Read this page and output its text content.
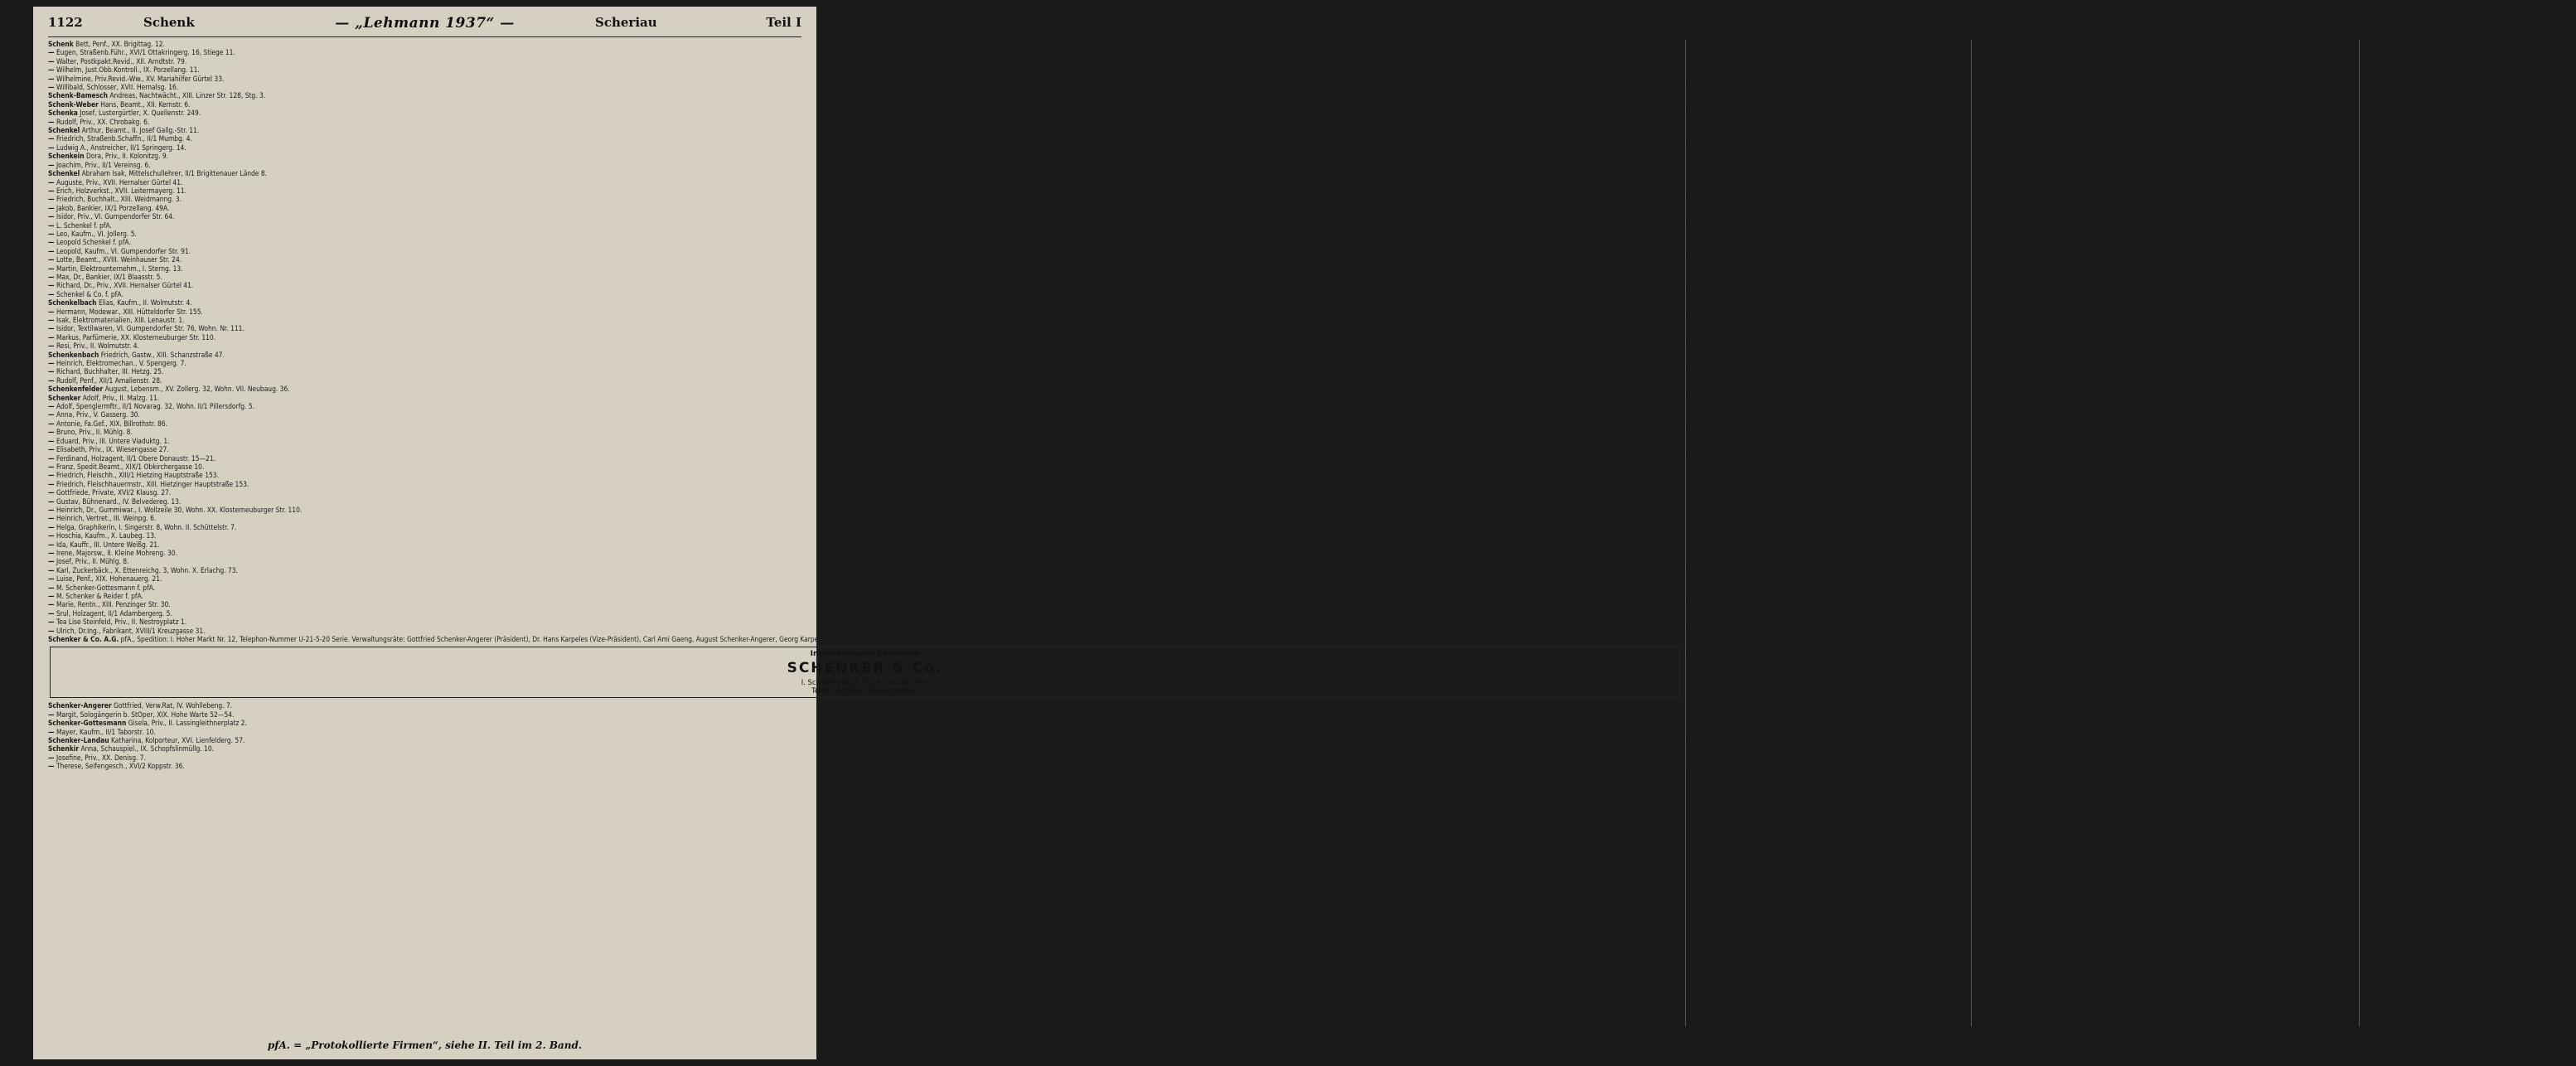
1122	Schenk	— „Lehmann 1937“ —	Scheriau	Teil I
Schenk Bett, Penf., XX. Brigittag. 12.
— Eugen, Straßenb.Führ., XVI/1 Ottakringerg. 16, Stiege 11.
— Walter, Postkpakt.Revid., XII. Arndtstr. 79.
— Wilhelm, Just.Obb.Kontroll., IX. Porzellang. 11.
— Wilhelmine, Priv.Revid.-Ww., XV. Mariahilfer Gürtel 33.
— Willibald, Schlosser, XVII. Hernalsg. 16.
Schenk-Bamesch Andreas, Nachtwächt., XIII. Linzer Str. 128, Stg. 3.
Schenk-Weber Hans, Beamt., XII. Kernstr. 6.
Schenka Josef, Lustergürtler, X. Quellenstr. 249.
— Rudolf, Priv., XX. Chrobakg. 6.
Schenkel Arthur, Beamt., II. Josef Gallg.-Str. 11.
— Friedrich, Straßenb.Schaffn., II/1 Mumbg. 4.
— Ludwig A., Anstreicher, II/1 Springerg. 14.
Schenkein Dora, Priv., II. Kolonitzg. 9.
— Joachim, Priv., II/1 Vereinsg. 6.
Schenkel Abraham Isak, Mittelschullehrer, II/1 Brigittenauer Lände 8.
— Auguste, Priv., XVII. Hernalser Gürtel 41.
— Erich, Holzverkst., XVII. Leitermayerg. 11.
— Friedrich, Buchhalt., XIII. Weidmanng. 3.
— Jakob, Bankier, IX/1 Porzellang. 49A.
— Isidor, Priv., VI. Gumpendorfer Str. 64.
— L. Schenkel f. pfA.
— Leo, Kaufm., VI. Jollerg. 5.
— Leopold Schenkel f. pfA.
— Leopold, Kaufm., VI. Gumpendorfer Str. 91.
— Lotte, Beamt., XVIII. Weinhauser Str. 24.
— Martin, Elektrounternehm., I. Sterng. 13.
— Max, Dr., Bankier, IX/1 Blaasstr. 5.
— Richard, Dr., Priv., XVII. Hernalser Gürtel 41.
— Schenkel & Co. f. pfA.
Schenkelbach Elias, Kaufm., II. Wolmutstr. 4.
— Hermann, Modewar., XIII. Hütteldorfer Str. 155.
— Isak, Elektromaterialien, XIII. Lenaustr. 1.
— Isidor, Textilwaren, VI. Gumpendorfer Str. 76, Wohn. Nr. 111.
— Markus, Parfümerie, XX. Klosterneuburger Str. 110.
— Resi, Priv., II. Wolmutstr. 4.
Schenkenbach Friedrich, Gastw., XIII. Schanzstraße 47.
— Heinrich, Elektromechan., V. Spengerg. 7.
— Richard, Buchhalter, III. Hetzg. 25.
— Rudolf, Penf., XII/1 Amalienstr. 28.
Schenkenfelder August, Lebensm., XV. Zollerg. 32, Wohn. VII. Neubaug. 36.
Schenker Adolf, Priv., II. Malzg. 11.
— Adolf, Spenglermftr., II/1 Novarag. 32, Wohn. II/1 Pillersdorfg. 5.
— Anna, Priv., V. Gasserg. 30.
— Antonie, Fa.Gef., XIX. Billrothstr. 86.
— Bruno, Priv., II. Mühlg. 8.
— Eduard, Priv., III. Untere Viaduktg. 1.
— Elisabeth, Priv., IX. Wiesengasse 27.
— Ferdinand, Holzagent, II/1 Obere Donaustr. 15—21.
— Franz, Spedit.Beamt., XIX/1 Obkirchergasse 10.
— Friedrich, Fleischh., XIII/1 Hietzing Hauptstraße 153.
— Friedrich, Fleischhauermstr., XIII. Hietzinger Hauptstraße 153.
— Gottfriede, Private, XVI/2 Klausg. 27.
— Gustav, Bühnenard., IV. Belvedereg. 13.
— Heinrich, Dr., Gummiwar., I. Wollzeile 30, Wohn. XX. Klosterneuburger Str. 110.
— Heinrich, Vertret., III. Weinpg. 6.
— Helga, Graphikerin, I. Singerstr. 8, Wohn. II. Schüttelstr. 7.
— Hoschia, Kaufm., X. Laubeg. 13.
— Ida, Kauffr., III. Untere Weißg. 21.
— Irene, Majorsw., II. Kleine Mohreng. 30.
— Josef, Priv., II. Mühlg. 8.
— Karl, Zuckerbäck., X. Ettenreichg. 3, Wohn. X. Erlachg. 73.
— Luise, Penf., XIX. Hohenauerg. 21.
— M. Schenker-Gottesmann f. pfA.
— M. Schenker & Reider f. pfA.
— Marie, Rentn., XIII. Penzinger Str. 30.
— Srul, Holzagent, II/1 Adambergerg. 5.
— Tea Lise Steinfeld, Priv., II. Nestroyplatz 1.
— Ulrich, Dr.Ing., Fabrikant, XVIII/1 Kreuzgasse 31.
Schenker & Co. A.G. pfA., Spedition: I. Hoher Markt Nr. 12, Telephon-Nummer U-21-5-20 Serie. Verwaltungsräte: Gottfried Schenker-Angerer (Präsident), Dr. Hans Karpeles (Vize-Präsident), Carl Ami Gaeng, August Schenker-Angerer, Georg Karpeles-Schenker, Josef Karpeles, Carl Schaly, Kommerzialrat Jakob Spielmann, Anton Weber. Direktoren: Franz Lackner, Leopold Pamberger. Prokuristen: Josef Chiltil, Friedrich Hunek, Moritz Korner, Heinrich Kreidl, Emil Meinert, Max Puggel, Hermann Saftr, Emil Tutsch, Felix Wawra.
Internationales Reisebüro
SCHENKER & Co.
I. Schottenring 9. Tel. R-50-510 Serie
Telegr.-Adresse: Reiseschenker
Schenker-Angerer Gottfried, Verw.Rat, IV. Wohllebeng. 7.
— Margit, Sologängerin b. StOper, XIX. Hohe Warte 52—54.
Schenker-Gottesmann Gisela, Priv., II. Lassingleithnerplatz 2.
— Mayer, Kaufm., II/1 Taborstr. 10.
Schenker-Landau Katharina, Kolporteur, XVI. Lienfelderg. 57.
Schenkir Anna, Schauspiel., IX. Schopfslinmüllg. 10.
— Josefine, Priv., XX. Denisg. 7.
— Therese, Seifengesch., XVI/2 Koppstr. 36.
Schenkreit Eduard, Ob.Maschinist, XVI/1 Huttereg. 45.
Schenkschitz Johanna, Priv., XIX. Heiligenstädter Str. 46.
Schenkschitz Marie, Handarb., XIV. Ob. Amtsmannsg. 37.
Schenkscz Eduard, Trafikant, XIII. Hütteldorfer Straße 158, Stg. 20.
— Franz, Hafner, X. Raxstr. 25.
— Johann, Beamt., VII. Neustiftg. 50.
— Josef, Gummimfr., XVIII. Gußg. 24.
Schentl Annie, Priv., XVI/1 Fröbelg. 3.
— Anton, Ob.Schulwart i.R., XII/1 Steinbauergasse 36, Stiege 1.
— Emilie, Sandarb., X. Buchengasse 67 C.
— Josef, Priv., IV. Pommeng. 4.
— Marie, Pronograv.Erz., XXI. Riedhartsg. 10.
— Oskar, Tierarzt, XVIII. Ferrog. 24.
— Piro, Priv., I. Operring 3.
Schentler Alois, Pol.Wachebeamt., X. Keplerplatz 8.
Schenn Simon, Tischler, X. Jagdg. 10.
Schenner Adelheid, Parfüm., XII/1 Reschg. 8.
— Anton, XII. Elisabethallee 10.
— Emilie, zahnärztl. Assist., XV. Wurmserg. 45.
— Eugenie, Bodschuhmachr., XII. Rollingerg. 24.
— Franz, Trafik, Lehrer, XVIII. Sper. Platz 2.
— Hans, wirkl. Amtsrat, V. Kaspar g. 2.
— Karl, Friseur, XXI. Stadtrandsiedlg. Aspern i. Hausfeld 147.
— Karl, Wohn-Inst. i. R., XII. Linzer Str. 248.
— Konrad, Hotelangest., XIV. Rauchfangkehrergasse 28.
— Marie, Prof., at. Musikpädagoge, III. Marxerg. 34.
— Stefanie, Priv., XII. Elisabethallee 10.
Schennerer Johann, Beamt., XVI. Gulmg. 13A.
Schenold Franz, Bauoolier, XV. Rosinag. 9.
— Karoline, Priv., XV. Arnsteing. 18.
Schentag Raimund, Mechanik., X. Bürgerg. 22.
Schentner Ferdinand, Werkmstr., XVIII. Cottageg. 13.
— Franz, Bäcker, III. Thereg. 3—5, Stg. 2.
— Friedrich, Priv., XXI/1 Theresieng. 28.
Schenz Franz, Beamt., X. Hardtmuthg. 91.
— Johann, Kraftw.Führ., XII. Dietrichg. 3.
Schenz Cäcilia, Priv., XII. Steinackerg. 19.
— Friedrich, Fleischhau., XIII. Josefstädter Straße 101.
— Franz, Installat., II. Engerthstr. 209.
— Franz, Schildermal., III. Erdbergstr. 13.
— Isabella, Kgl.Adjkt., XVIII. Schumanng. 6.
— Rudolf, Bank, XXI. Prager Str. 59.
— Rupert, Penf., XIII. Arnsbergg. 33.
— Rupert, Schildermalermftr., III. Juchg. 26.
Schenze Franz, Tapezierergew., XIX. Kreindlgasse 25.
— M. J. Schenzel & Co. f. pfA.
— Marie J., Fa.Gef., XIX. Nußdorfer Str. 64.
Schepelitin David, Schuhmmstr., XVIII/1 Kutscherg. 4.
— Ernestine, Dr. Priv., XVIII. Hofftattg. 14.
— Siegfried, Juwelier, XVIII/1 Edelhofg. 6.
Schepka Paul, Maurer, XIII/1 Linneg. 8.
Scheppach Kunibert, MDr., Arzt, XV. Preysinggasse 40.
Schepsen Cölestin, Penf., XVII. Veronikag. 50.
— Therese, Priv., XVI. Neulerchenfeld Str. 42.
— Wilhelm, Penf., XIII. Campswandnerg. 265.
Scheppelmann Hans, Beamt., XV. Schelleingasse 31.
Schepper Maximilian, Kellereiangest., I. Georg Coch-Platz 3, Wohn. VIII. Pfeilg. 8.
Scheppl Heinrich, Musikschulinhab., XXV. Scheiblg. 14.
Scheps Emil, Kaufm., IX. Währinger Str. 16.
Scher Anna, Beamt., XII. Steinbauerg. 1—7.
— B. Scher, Uhrmacher f. pfA.
— Berta, Private, II. Czerleg. 14.
— Ernst, Uhrmach., V. Margaretengürtel 144.
— Fabian, Ing.Archit., VII. Kandlg. 32.
— Hans, Bauführer, XVI. Hubergasse 18.
— Josef, Fa.Inh., IV. Gr. Neug. 6.
— Josef, Altwr., I. Seilerstätte 3.
— Josef, Kaufm., XV. Mariahilfer Str. 153.
— Leo, Bankbeamt., XVIII. Währinger Str. Nr. 157—159.
— Leopoldine, Private, II/1 Schönbrunnerg. 6.
— Marie, Beamt., IX. Müllnerg. 10.
— Markus, Schneidermftr., IX/1 Glasblasg. 1.
— Moritz, Juwelier, V. Margaretenstr. 71.
— Paul Scher & Co. f. pfA.
— Paul, Fa.Inh., XX. Karl Meißl-Str. 2.
Scheragy Franziska, Penf., XVII. Martinstr. 33.
Scheral Josef, Postangest., XI. Neue Simmeringer Haide, Schrebergartner, Gruppe 1, 42.
— Leopold, Hilfsarbeiter, XI. Kaiserebersdorf, Mühlsangergasse 5.
Scheran Franz, Magazineur, XII. Hohenbergstraße 67.
Scherarcz Franz, Bahnbeamt., XXI/2 Leopoldauer Str. 5.
— Heinrich, Architekt u. Baumeister, X. Ferdinandg. 80.
— Heinrich, Baumftr., III. Wällischg. 8.
— Netti, Spielw., III. Erdbergstr. 156.
Scherb Erhard, XIII. Laurentiusg. 6.
— Eduard, Bankbeamt., XXI. Werndlg. 15.
Scherb Franz, Friseurmftr., VI. Laimgrubengasse 9.
— Heinrich, Ing., Betriebsleit., XVIII/2 Salmannsdorfer Str. 11.
— Georg, Ing., XVIII/1 Hofftattg. 2.
— Josef, Priv., V. Dampfg. 35—37, Stg. 1.
— Johann, Hilfsämter-Ob.Dir. i. R., XVIII/1 Ressng. 33.
— Johann, Krim.Beamt., XIX. Greinerg. 48.
— Julius, Photograph, VI. Gumpendorfer Straße 26, Wohn. VI. Brückeng. 4.
— Margarethe, Mitgl. b. Burgtheat., XVIII. Lazaristeng. 2.
— Rudolf, Priv.Beamt., XV. Wallensteinstr. 38.
Scherbaum Hilde, Priv., VIII. Lange G. 4.
— Rudolf, Reisenmst., VIII. Auerspergstr. 11, Wohn. VIII. Lange G. 4.
— Wilhelm, Beamt., VIII. Lange G. 4.
Scherban Franko, Holzverkst., V. Margaretenstr. 110.
— Michael, Gußmftr., XI. Geiselbergstr. 12.
Scherbantie Franz, Ob.Wachm., XVII. Wichtelplatz 8.
— Leopoldine, Lebensm., XVII. Wichtelg. 68.
— Matthias, Tischler, XII. Am Fuchsenfeld 3.
Scherbauer Johann, Buchbrud., IX. Arnethgasse 19.
— Otto, Beamt., IV. Wimbergerg. 13.
Scherbaum Adolf, Tischler, IX. Khunng. 15.
— Albert, Fabrikant, XIV. Goldschlagstr. 39.
— Anna, Priv., XIII. Hütteldorfer Str. 179.
— Anton, Bertret., VI. Liniengasse 46.
— Ernst, Schmied, IX. Lechenfeldstraße 22.
— Ferdinand, Priv.Beamt., XII. Hohlwegg. 9.
— Fermann, Zuckerbäckereib., XIII. Linzer Str. 128.
— Hubert, Arbeiter, XII. Fnulag. 8.
— Johann, Gärtner, XIII. Breitenfurter Str. 109.
— Johanna, Priv., I. Fleischmarkt 6.
— Josef, Kaffier, XI. Spitzelbreiterg. 46.
— Josef, Kaffier, XII/1 Ruffdorfer Str. 5.
— Josef, Ofenbldg., XIV. Hern. Hauptstr. 75.
— Josef, Wohn. VIII. Kochlanger Str. 20.
— Josef, Wohn. VIII. Roter Turmg. 4.
— Karl, Kraftwagenlenk., XIX/1 Döblinger Gürtel 21—23.
— Karl, Elektriker, I. Dorotheerg. 6.
— Karl, Rechn.Sekr., XV. Kreuzling. 38.
— Karoline, Konditorei, V. Schönbrunner Straße 24, Wohn. III. Hohlwegg. 9.
— Marie, Priv., X. Wielandgasse 10.
— Walter, Wohnungsbesitzer, II/1 Nordseeg. 7.
Scherbede Josef, Bäcker, VI. Gumpendorfer Straße 150.
Scherbel Marie, Private, V. Dampfg. 23.
— Rudolf, Priv., VI. Joanelligasse 8.
Scherber Anna, Priv., XVIII. Genzg. 3.
— Anna, Priv., IV. Mayerhofg. 14.
— Ferdinand, Priv., IV. Mayerhofg. 14.
— Gustav, Priv., VII. Burggasse 5.
— Gustav, MDr., Prof., Hofrat, Primararzt, Fachariz f. Haut- u. Geschlechtskrankheiten, VII. Mariahilfer Str. 32, T. B-35-2-39.
— Johann, Stallmstr., II. Engerthstr. 189.
— Josef, Priv., VII. Burgg. 32, Stg. 1.
— Josef, Fa., II. Pilot.Rec.Dir., Stg. 5.
— Karl, Beamt., II/1 Klimschg. 16—18, Stg. 1.
— Leopold, Chordir., II. Josefsting. 12.
— Lilly, Priv., XVII. Larwasg. 3.
— Marie, Priv., XII. Maroltanerg. 9.
— Marie, Priv., VIII. Laudong. 9.
— Paul, Verst., XII. Schwarzwiefenstr. 21.
Scherbichler Adolf A., Photograph, II/1 Sebastian Kneipp-G. 5.
— Friedrich, Hauschn., XIII/1 Schrutkag. 13.
Scherbod Johann, Steinschleif., II. Radetzkystraße 5.
Scherbs Josef, Penf., XVIII/1 Theresieng. 59.
Scherboy Eduard, Musikler, XV. Richard Wagner-Platz 19.
Scherbe Franz, Beamt., XIV. Tokaj g. 5.
Scherenzl Anton, städt. Angest., IX/1 Bleichergasse 19.
Scherer Adolf, Ob.Revid., X. Laxenburger Straße 169.
— Alois, Hofrat b. Fin.LDir., III. Barmherzigeng. 13.
— Alois, Priv.Beamt., VIII. Lederg. 18.
— Amalie, Geschäftsführ., VI. Gumpendorfer Straße 41.
— Anna, Obst, IV. Rahmarkt Gr. 33, Std. 568, Wohn. IV/1 Margaretenstr. 83.
— Anna, Priv., II. Taborstr. 45.
— Anna, Priv., XVIII/1 Gyrowegg. 3.
— Anna, Private, II. Erzh. Karl-Platz 24.
— Anna, Priv., VI. Joanellig. 5.
— Berta, Fleischh., IX. Im Werd, Std. 171A.
— Berta, Priv., II. Vollandstr. 7.
— Eduard, Dr.Ing., XVII. Jörgerstr. 26.
— Emil, Schloffer, XIII/1 Schanzstr. 19.
— Emil, Sekret. städt. Berw.Ob.Amtsr., XIX/1 Gatterburgg. 1.
— Erwin, Kaufm., IX. Schlagerg. 2.
— Eugenie, Rechn.Ratww., III. Hainburger Straße 29.
— Eugenie, Ww., XIII. Baumgartenstr. 85.
— Eva, Emailleurin, XIX. Agnesg. 7.
— Franz, Buchh., II/1 Hollandstr. 7.
— Franz, Priv., II/1 Hollandstr. 7.
— Franz, Bes., VIII. Pfeilg. 23.
— Franz, Priv., IV. Wimbergerg. 43.
— Friedrich, Dr., Kaufm., XIX. Cottageg. 56.
— Friedrich, Kinoangest., III. Fasang. 34.
— Friedrich, Sekretär, XVIII/1 Genzg. 1.
— Friedrich, Rechn.Rat, XVIII/1 Währinger Straße 173.
— Fritz, Priv., XIX/1 Zehenthofg. 8.
— Gisela, städt. Lehrer., XVIII. Genzg. 38.
— Gisela, Beamt., XIX. Sommerg. 2.
— Günther, Priv., I. Singerstr. 27.
Scherer Heinrich, Kraftw.Führ., X. Laxenburger Straße 95.
— Heinrich, Kaufm., IV. Margaretenstr. 38.
— Jakob, Penf., IX/2 Lustkandlg. 17.
— Johann, Autotaxibes., VI. Sonnenuhrg. 2.
— Johann, Graveurwaren, XIII. Galsg. 49.
— Johann, Hufschmied, II. Reilg. 10.
— Johann, Postbeamt., II/1 Böschstr. 17.
— Johann, Schiffskapitän, II. Vorgartenstr. 193.
— Johann, Schloffer, XII/1 Schallerg. 27.
— Johann, Tischler, XII/1 Hofbauerg. 160.
— Josef, Lokführ., IX. Willy von Engerstr. 25.
— Josefine, Postbeamt., III. Prager Str. 90.
— Josefine, Priv., XXI. Albrechtskreithg. 12.
— Karl, Kaufm., IX. Wiefeng. 11.
— Karl, BBahn.Beamt., XVIII. Genzg. 32.
— Karl, Fachlehrer, XII. Belghoferg. 30.
— Karl, Penf., II/1 Handelskai 268.
— Karl, Priv., VI. Siebensterng. 46.
— Karl, Lorenz, IX/2 Lustkandlg. 30.
— Karoline, Penf., XXI. Stillfriedplatz 5.
— Karoline, Priv., II. Cragiftr. 7.
— L. Scherer f. pfA.
— Leo, Autofahrlehr., III. Salmg. 16.
— Leopold, Gerüster, XVI. Pfenniggelbg. 4.
— Leopold, Landwirt, XVI. Thaliastr. 36.
— Leopold, Priv., V. Schönbrunner Str. 109.
— Leopold, Werkmftr., XX. Brigittaplatz 23.
— Leopoldine, Ob.Revid.Ww., XVIII/1 Genzgasse 118.
— Louise, Schneiderin, XII. Sagedorferg. 47.
— Luise, Private, VII. Neubaug. 7.
— Marie, Priv., II/1 Wolmutstr. 18.
— Marie, Priv., XX. Mortaraplatz 4.
— Marie, Priv., II/1 Blumauerg. 16.
— Max, Dr., Direkt., XIX/1 Hameaug. 57.
— Michael, Telegr.Amtsdir., XV. Goldeggg. 32.
— Natalie, Reg.Rat-Ww., XVIII/1 Genzg. 127.
— Olga, Gemüsehdl., II. Gaunerftr. 25.
— Oskar, Zahntechniker, IX/2 Lazarettg. 14.
— Otto, Angestell., II. Glamestr. 8.
— Otto, Ob.Wachm., XV. Wallensteinstr. 21.
— Paula, Priv., VIII. Laudong. 39.
— Raimund, Blikofer b. I. DDSchiff.Gef., III. Pommerstr. 183.
— Robert, Impräg.Anst., XX. Zehentofg. 8.
— Rosa, Penf., XXI. Krotenbachstr. 126.
— Rudolf, Ing., Dir., IX. Liechtensteinstr. 14.
— Rudolf, Kaufm., IX. Thurng. 13.
— Jun. Rudolf, Hotelportier, V. Stöberg. 14.
— sen. Rudolf, Priv.Beamt., XVIII/1 Genzg. 19.
— Rudolf, Ob.Revid., XVIII. Sailerplatz 7.
— Sigmund, Bürstenfabrikt., XV. Sperrg. 5.
— Therese, Beiterbesteller, XII. Riederhofstr. 14.
— Therese, Offiz., II. Reichsbrückenstr. 36.
— Wilhelm, Bankbeamt., XIV. Ameisg. 34.
Scherer-Engler Kronia, Priv., II. Schüttelstr. 21.
Scherer-Steinsberg Clara, MDr., Ärztin, XIX. Sieveringer Str. 178.
Schererbauer Anna, Spezereiwar., XVIII. Genzg. 13.
— Josef, Pol.Rev.Insp., XII. Schönbrunner Straße 277.
Scherefschewsky Arnold, Dr., Kaufm., I. Nathaustr. 7.
— J. H. Scherefschewsky f. pfA.
Scherf Arthur, Kraftw.Führ., XIII. Reiningergasse 9.
— David, MDr., Dozent, VIII. Alser Str. 25.
— Franz, Tischlermftr., XX. Karajang. 16.
— Frieda, Ob.Ar., VII. Kandlg. 37.
— Hans, Schneider, XII. Reinhardtstr. 23.
— Jba, Priv., III. Landstr. Hauptstr. 116.
— Josef, Schloffer, XIII/1 Köppelweg 18.
— Josef, Zimmerm., X. Troststr. 115.
— Ludwig, Modellbildner, XXI. Voltag. 30—32.
— Marie, geb. Puhzerl, II. Schüttaupfatz 8.
— Peter, Kr. Z., Speckbacherg. 12.
— Otto, Kaufm., V. Kranzsg. 6.
— Viktor, städt.Berw.Sekr., V. Franzensg. 18.
Scherfelsbacher Franz, Beamt., XIII. Kottenbergerg. 5.
— Hermann, Priv.Beamt., II/1 Ob. Donaustr. 81.
— Hedwig, Pflichtschull.Lehr., XIII. Penzinger Straße 36.
Scherfl Josef, Pukerei, X. Eckertg. 3.
Scherfler Cäcilie, Kassierin, V. Krong. 11.
— Franziska, Heimleit., I. Steindelg. 6.
— Georg, Kraft, XII. Steinbauerg. 36, Stg. 10.
— Johann, Vollstr., XII/1 Wimmerg. 5.
Scherhaufer Emilie, Priv., V. Reinprechtsdorfer Straße 14.
— Hermann, Eierhdlg., V. Ziegelofeng. 16, Wohn. V. Hofg. 6.
— Josef, Bäckermftr., V. Wehrg. 31.
Scherhansal Emerich, Stukkateur, XIV. Goldschlagstr. 58.
Scherhak Irene, Priv., XVII. Balderichg. 27.
— Leopold, BBAngest., X. Quellenstr. 24A.
— Wilhelm, Monteur, XX. Engerthstr. 124.
Scherhant Elise, Priv., X. Reichag. 78.
— Rosa, Priv., X. Triz Kreglg. 1.
Scherhaufer Josef, Amtsgeh. i. R., XXI/1 Trautmannsdorfg. 47.
— Josef, Hilf.Angest., XIV. Pillerg. 10.
— Leopold, Lok.Führer, XIV. Gerhardusg. 16.
Scherhäufel Leopold, Eisenb.Lebienst., XVIII/1 Schmalzstr. 15.
Scherholz Albert, Automonteur, XIX/1 Budinstrg. 16.
— Johann, Schuhmach., XX. Wintergr. 21.
— Marianne, Priv., III. Markhofg. 18.
Scheriau Franz, Progift, VI. Mariahilfer Str. 99.
— Hermine, Manipulant, XVII. Rofftauesplatz 32.
pfA. = „Protokollierte Firmen“, siehe II. Teil im 2. Band.
